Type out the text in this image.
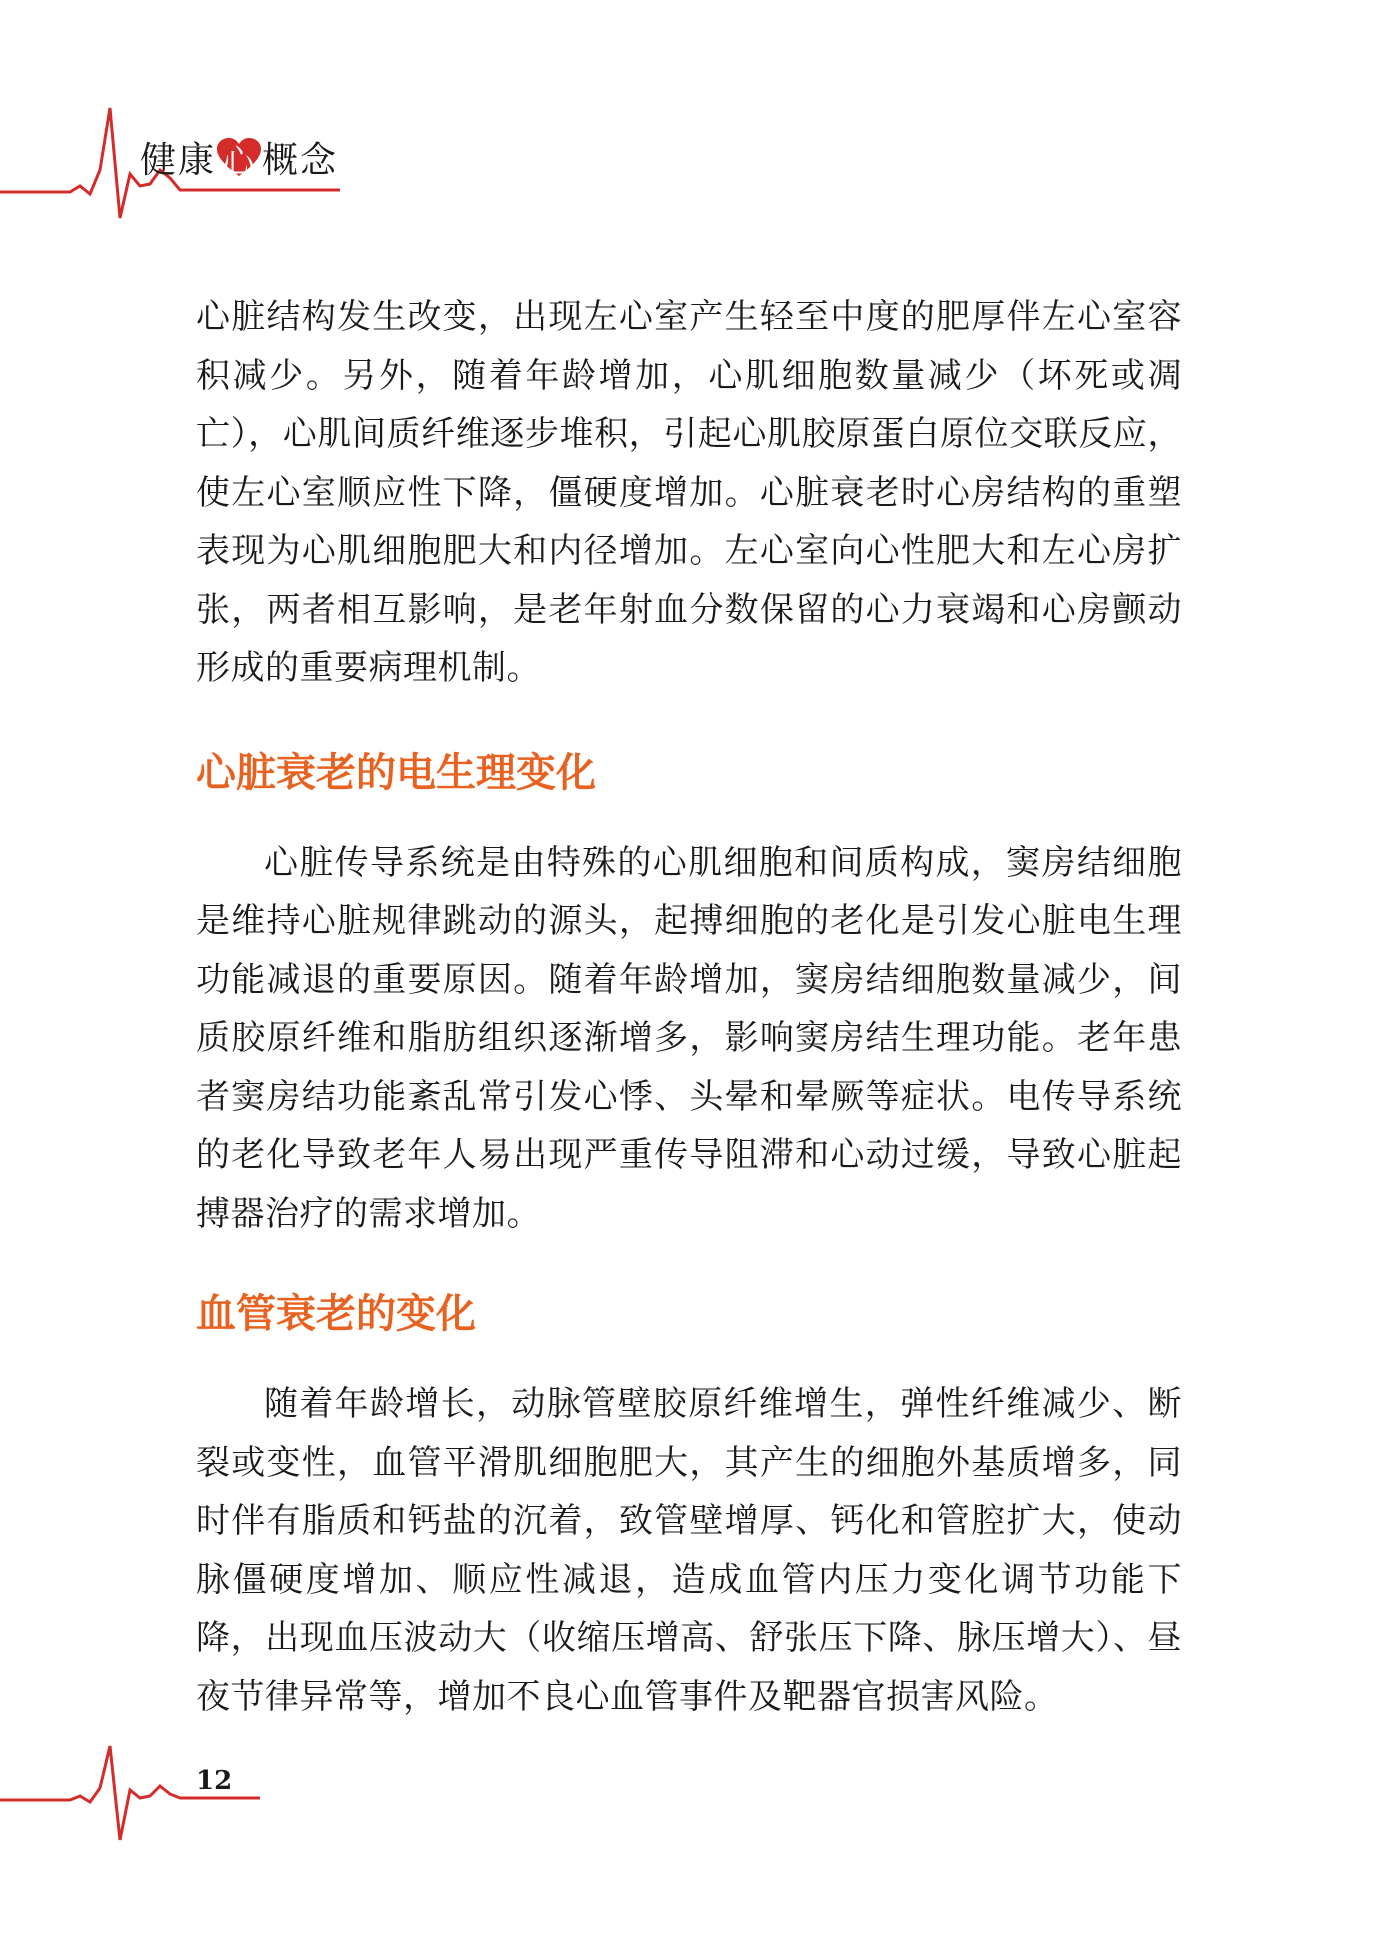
健康 心 概念

心脏结构发生改变，出现左心室产生轻至中度的肥厚伴左心室容积减少。另外，随着年龄增加，心肌细胞数量减少（坏死或凋亡），心肌间质纤维逐步堆积，引起心肌胶原蛋白原位交联反应，使左心室顺应性下降，僵硬度增加。心脏衰老时心房结构的重塑表现为心肌细胞肥大和内径增加。左心室向心性肥大和左心房扩张，两者相互影响，是老年射血分数保留的心力衰竭和心房颤动形成的重要病理机制。

心脏衰老的电生理变化

心脏传导系统是由特殊的心肌细胞和间质构成，窦房结细胞是维持心脏规律跳动的源头，起搏细胞的老化是引发心脏电生理功能减退的重要原因。随着年龄增加，窦房结细胞数量减少，间质胶原纤维和脂肪组织逐渐增多，影响窦房结生理功能。老年患者窦房结功能紊乱常引发心悸、头晕和晕厥等症状。电传导系统的老化导致老年人易出现严重传导阻滞和心动过缓，导致心脏起搏器治疗的需求增加。

血管衰老的变化

随着年龄增长，动脉管壁胶原纤维增生，弹性纤维减少、断裂或变性，血管平滑肌细胞肥大，其产生的细胞外基质增多，同时伴有脂质和钙盐的沉着，致管壁增厚、钙化和管腔扩大，使动脉僵硬度增加、顺应性减退，造成血管内压力变化调节功能下降，出现血压波动大（收缩压增高、舒张压下降、脉压增大）、昼夜节律异常等，增加不良心血管事件及靶器官损害风险。

12
